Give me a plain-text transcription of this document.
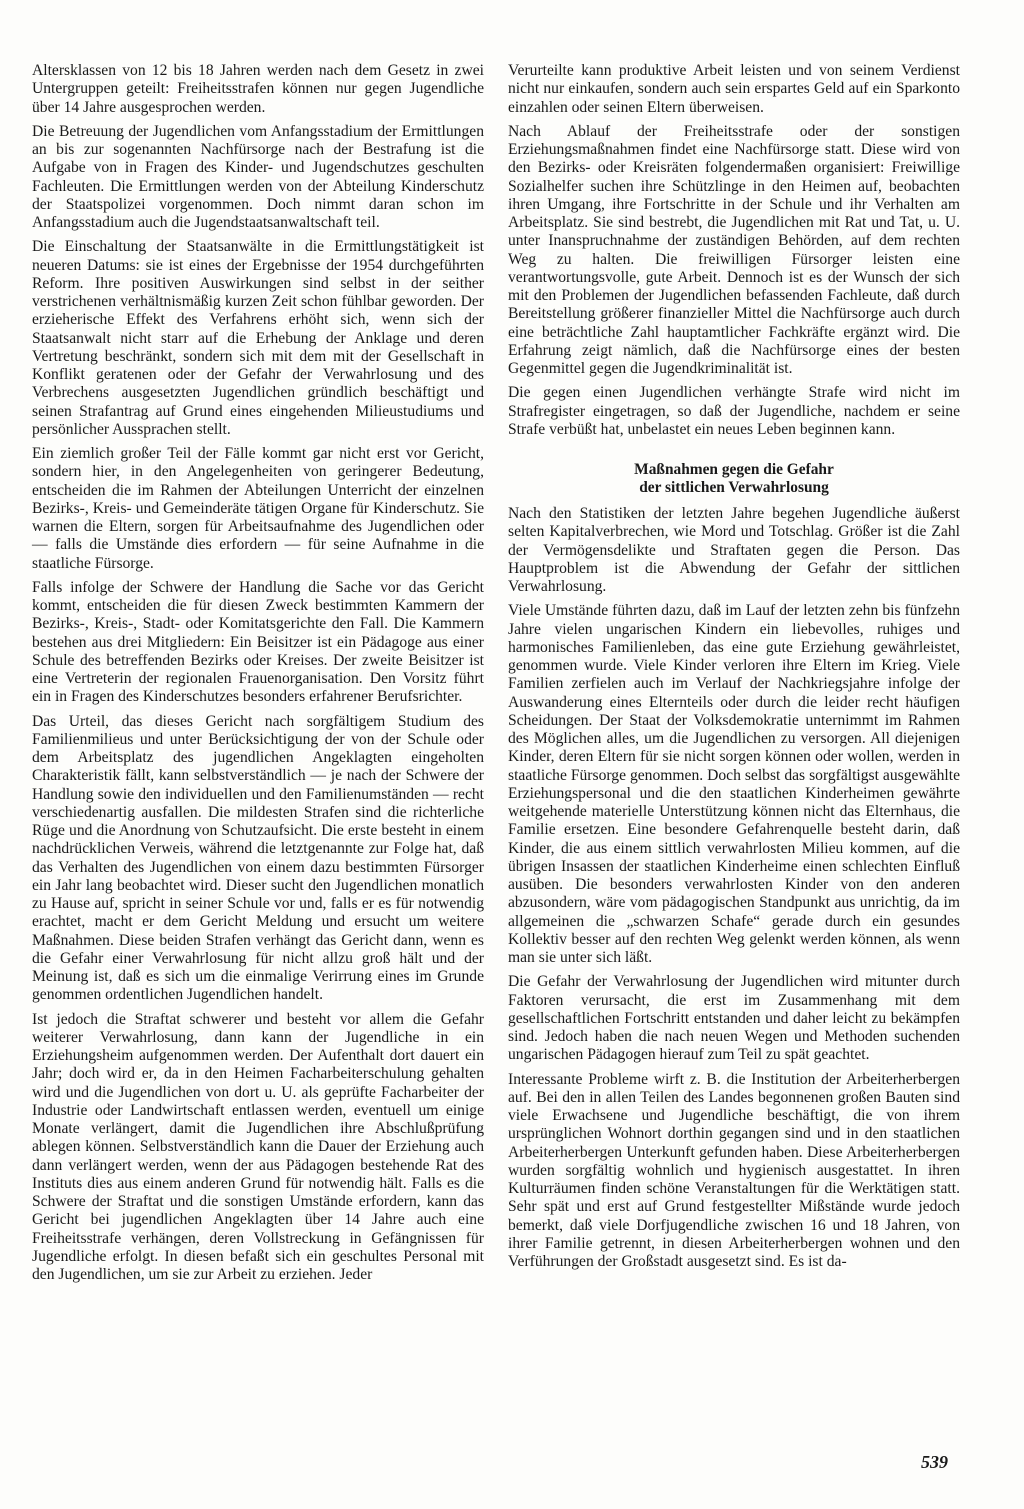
Altersklassen von 12 bis 18 Jahren werden nach dem Gesetz in zwei Untergruppen geteilt: Freiheitsstrafen können nur gegen Jugendliche über 14 Jahre ausgesprochen werden.

Die Betreuung der Jugendlichen vom Anfangsstadium der Ermittlungen an bis zur sogenannten Nachfürsorge nach der Bestrafung ist die Aufgabe von in Fragen des Kinder- und Jugendschutzes geschulten Fachleuten. Die Ermittlungen werden von der Abteilung Kinderschutz der Staatspolizei vorgenommen. Doch nimmt daran schon im Anfangsstadium auch die Jugendstaatsanwaltschaft teil.

Die Einschaltung der Staatsanwälte in die Ermittlungstätigkeit ist neueren Datums: sie ist eines der Ergebnisse der 1954 durchgeführten Reform. Ihre positiven Auswirkungen sind selbst in der seither verstrichenen verhältnismäßig kurzen Zeit schon fühlbar geworden. Der erzieherische Effekt des Verfahrens erhöht sich, wenn sich der Staatsanwalt nicht starr auf die Erhebung der Anklage und deren Vertretung beschränkt, sondern sich mit dem mit der Gesellschaft in Konflikt geratenen oder der Gefahr der Verwahrlosung und des Verbrechens ausgesetzten Jugendlichen gründlich beschäftigt und seinen Strafantrag auf Grund eines eingehenden Milieustudiums und persönlicher Aussprachen stellt.

Ein ziemlich großer Teil der Fälle kommt gar nicht erst vor Gericht, sondern hier, in den Angelegenheiten von geringerer Bedeutung, entscheiden die im Rahmen der Abteilungen Unterricht der einzelnen Bezirks-, Kreis- und Gemeinderäte tätigen Organe für Kinderschutz. Sie warnen die Eltern, sorgen für Arbeitsaufnahme des Jugendlichen oder — falls die Umstände dies erfordern — für seine Aufnahme in die staatliche Fürsorge.

Falls infolge der Schwere der Handlung die Sache vor das Gericht kommt, entscheiden die für diesen Zweck bestimmten Kammern der Bezirks-, Kreis-, Stadt- oder Komitatsgerichte den Fall. Die Kammern bestehen aus drei Mitgliedern: Ein Beisitzer ist ein Pädagoge aus einer Schule des betreffenden Bezirks oder Kreises. Der zweite Beisitzer ist eine Vertreterin der regionalen Frauenorganisation. Den Vorsitz führt ein in Fragen des Kinderschutzes besonders erfahrener Berufsrichter.

Das Urteil, das dieses Gericht nach sorgfältigem Studium des Familienmilieus und unter Berücksichtigung der von der Schule oder dem Arbeitsplatz des jugendlichen Angeklagten eingeholten Charakteristik fällt, kann selbstverständlich — je nach der Schwere der Handlung sowie den individuellen und den Familienumständen — recht verschiedenartig ausfallen. Die mildesten Strafen sind die richterliche Rüge und die Anordnung von Schutzaufsicht. Die erste besteht in einem nachdrücklichen Verweis, während die letztgenannte zur Folge hat, daß das Verhalten des Jugendlichen von einem dazu bestimmten Fürsorger ein Jahr lang beobachtet wird. Dieser sucht den Jugendlichen monatlich zu Hause auf, spricht in seiner Schule vor und, falls er es für notwendig erachtet, macht er dem Gericht Meldung und ersucht um weitere Maßnahmen. Diese beiden Strafen verhängt das Gericht dann, wenn es die Gefahr einer Verwahrlosung für nicht allzu groß hält und der Meinung ist, daß es sich um die einmalige Verirrung eines im Grunde genommen ordentlichen Jugendlichen handelt.

Ist jedoch die Straftat schwerer und besteht vor allem die Gefahr weiterer Verwahrlosung, dann kann der Jugendliche in ein Erziehungsheim aufgenommen werden. Der Aufenthalt dort dauert ein Jahr; doch wird er, da in den Heimen Facharbeiterschulung gehalten wird und die Jugendlichen von dort u. U. als geprüfte Facharbeiter der Industrie oder Landwirtschaft entlassen werden, eventuell um einige Monate verlängert, damit die Jugendlichen ihre Abschlußprüfung ablegen können. Selbstverständlich kann die Dauer der Erziehung auch dann verlängert werden, wenn der aus Pädagogen bestehende Rat des Instituts dies aus einem anderen Grund für notwendig hält. Falls es die Schwere der Straftat und die sonstigen Umstände erfordern, kann das Gericht bei jugendlichen Angeklagten über 14 Jahre auch eine Freiheitsstrafe verhängen, deren Vollstreckung in Gefängnissen für Jugendliche erfolgt. In diesen befaßt sich ein geschultes Personal mit den Jugendlichen, um sie zur Arbeit zu erziehen. Jeder

Verurteilte kann produktive Arbeit leisten und von seinem Verdienst nicht nur einkaufen, sondern auch sein erspartes Geld auf ein Sparkonto einzahlen oder seinen Eltern überweisen.

Nach Ablauf der Freiheitsstrafe oder der sonstigen Erziehungsmaßnahmen findet eine Nachfürsorge statt. Diese wird von den Bezirks- oder Kreisräten folgendermaßen organisiert: Freiwillige Sozialhelfer suchen ihre Schützlinge in den Heimen auf, beobachten ihren Umgang, ihre Fortschritte in der Schule und ihr Verhalten am Arbeitsplatz. Sie sind bestrebt, die Jugendlichen mit Rat und Tat, u. U. unter Inanspruchnahme der zuständigen Behörden, auf dem rechten Weg zu halten. Die freiwilligen Fürsorger leisten eine verantwortungsvolle, gute Arbeit. Dennoch ist es der Wunsch der sich mit den Problemen der Jugendlichen befassenden Fachleute, daß durch Bereitstellung größerer finanzieller Mittel die Nachfürsorge auch durch eine beträchtliche Zahl hauptamtlicher Fachkräfte ergänzt wird. Die Erfahrung zeigt nämlich, daß die Nachfürsorge eines der besten Gegenmittel gegen die Jugendkriminalität ist.

Die gegen einen Jugendlichen verhängte Strafe wird nicht im Strafregister eingetragen, so daß der Jugendliche, nachdem er seine Strafe verbüßt hat, unbelastet ein neues Leben beginnen kann.

Maßnahmen gegen die Gefahr
der sittlichen Verwahrlosung

Nach den Statistiken der letzten Jahre begehen Jugendliche äußerst selten Kapitalverbrechen, wie Mord und Totschlag. Größer ist die Zahl der Vermögensdelikte und Straftaten gegen die Person. Das Hauptproblem ist die Abwendung der Gefahr der sittlichen Verwahrlosung.

Viele Umstände führten dazu, daß im Lauf der letzten zehn bis fünfzehn Jahre vielen ungarischen Kindern ein liebevolles, ruhiges und harmonisches Familienleben, das eine gute Erziehung gewährleistet, genommen wurde. Viele Kinder verloren ihre Eltern im Krieg. Viele Familien zerfielen auch im Verlauf der Nachkriegsjahre infolge der Auswanderung eines Elternteils oder durch die leider recht häufigen Scheidungen. Der Staat der Volksdemokratie unternimmt im Rahmen des Möglichen alles, um die Jugendlichen zu versorgen. All diejenigen Kinder, deren Eltern für sie nicht sorgen können oder wollen, werden in staatliche Fürsorge genommen. Doch selbst das sorgfältigst ausgewählte Erziehungspersonal und die den staatlichen Kinderheimen gewährte weitgehende materielle Unterstützung können nicht das Elternhaus, die Familie ersetzen. Eine besondere Gefahrenquelle besteht darin, daß Kinder, die aus einem sittlich verwahrlosten Milieu kommen, auf die übrigen Insassen der staatlichen Kinderheime einen schlechten Einfluß ausüben. Die besonders verwahrlosten Kinder von den anderen abzusondern, wäre vom pädagogischen Standpunkt aus unrichtig, da im allgemeinen die „schwarzen Schafe“ gerade durch ein gesundes Kollektiv besser auf den rechten Weg gelenkt werden können, als wenn man sie unter sich läßt.

Die Gefahr der Verwahrlosung der Jugendlichen wird mitunter durch Faktoren verursacht, die erst im Zusammenhang mit dem gesellschaftlichen Fortschritt entstanden und daher leicht zu bekämpfen sind. Jedoch haben die nach neuen Wegen und Methoden suchenden ungarischen Pädagogen hierauf zum Teil zu spät geachtet.

Interessante Probleme wirft z. B. die Institution der Arbeiterherbergen auf. Bei den in allen Teilen des Landes begonnenen großen Bauten sind viele Erwachsene und Jugendliche beschäftigt, die von ihrem ursprünglichen Wohnort dorthin gegangen sind und in den staatlichen Arbeiterherbergen Unterkunft gefunden haben. Diese Arbeiterherbergen wurden sorgfältig wohnlich und hygienisch ausgestattet. In ihren Kulturräumen finden schöne Veranstaltungen für die Werktätigen statt. Sehr spät und erst auf Grund festgestellter Mißstände wurde jedoch bemerkt, daß viele Dorfjugendliche zwischen 16 und 18 Jahren, von ihrer Familie getrennt, in diesen Arbeiterherbergen wohnen und den Verführungen der Großstadt ausgesetzt sind. Es ist da-

539
